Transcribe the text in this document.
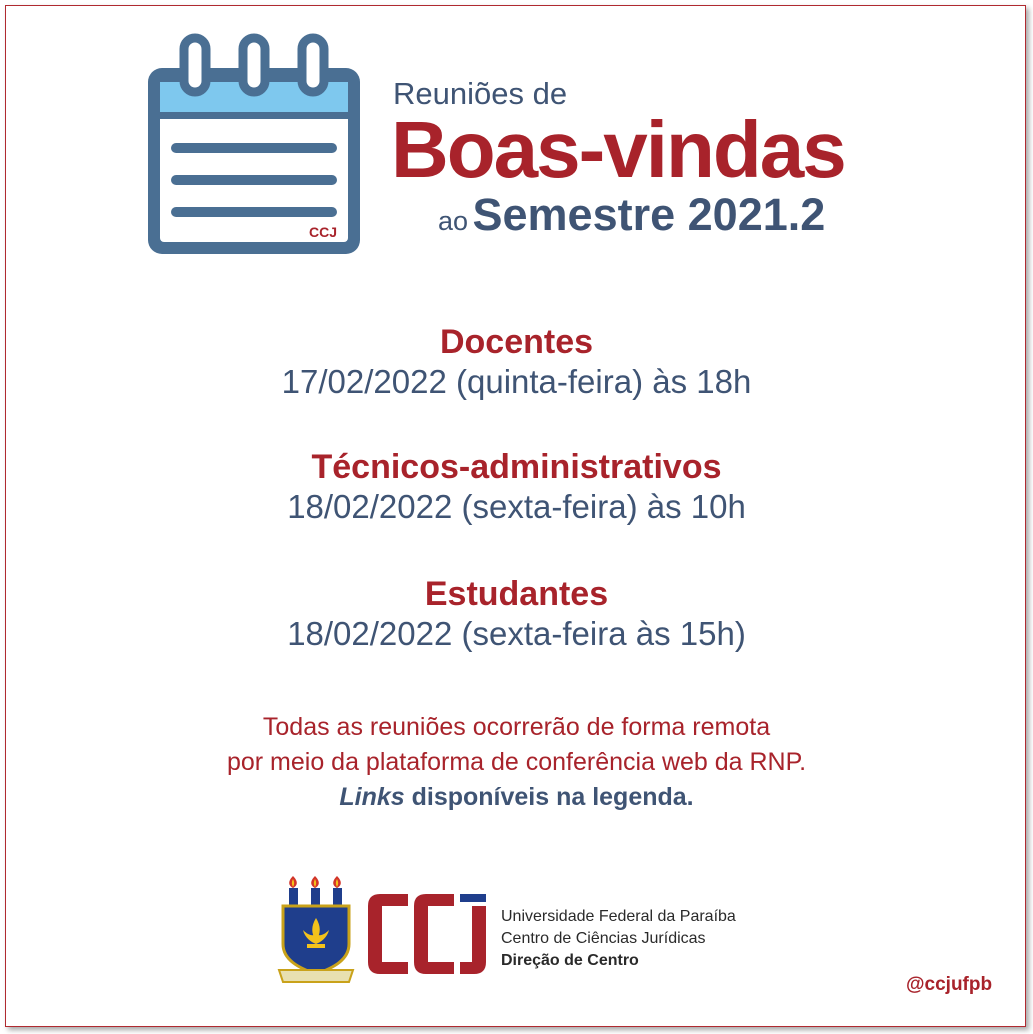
CCJ
Reuniões de
Boas-vindas
ao Semestre 2021.2
Docentes
17/02/2022 (quinta-feira) às 18h
Técnicos-administrativos
18/02/2022 (sexta-feira) às 10h
Estudantes
18/02/2022 (sexta-feira às 15h)
Todas as reuniões ocorrerão de forma remota
por meio da plataforma de conferência web da RNP.
Links disponíveis na legenda.
Universidade Federal da Paraíba
Centro de Ciências Jurídicas
Direção de Centro
@ccjufpb
